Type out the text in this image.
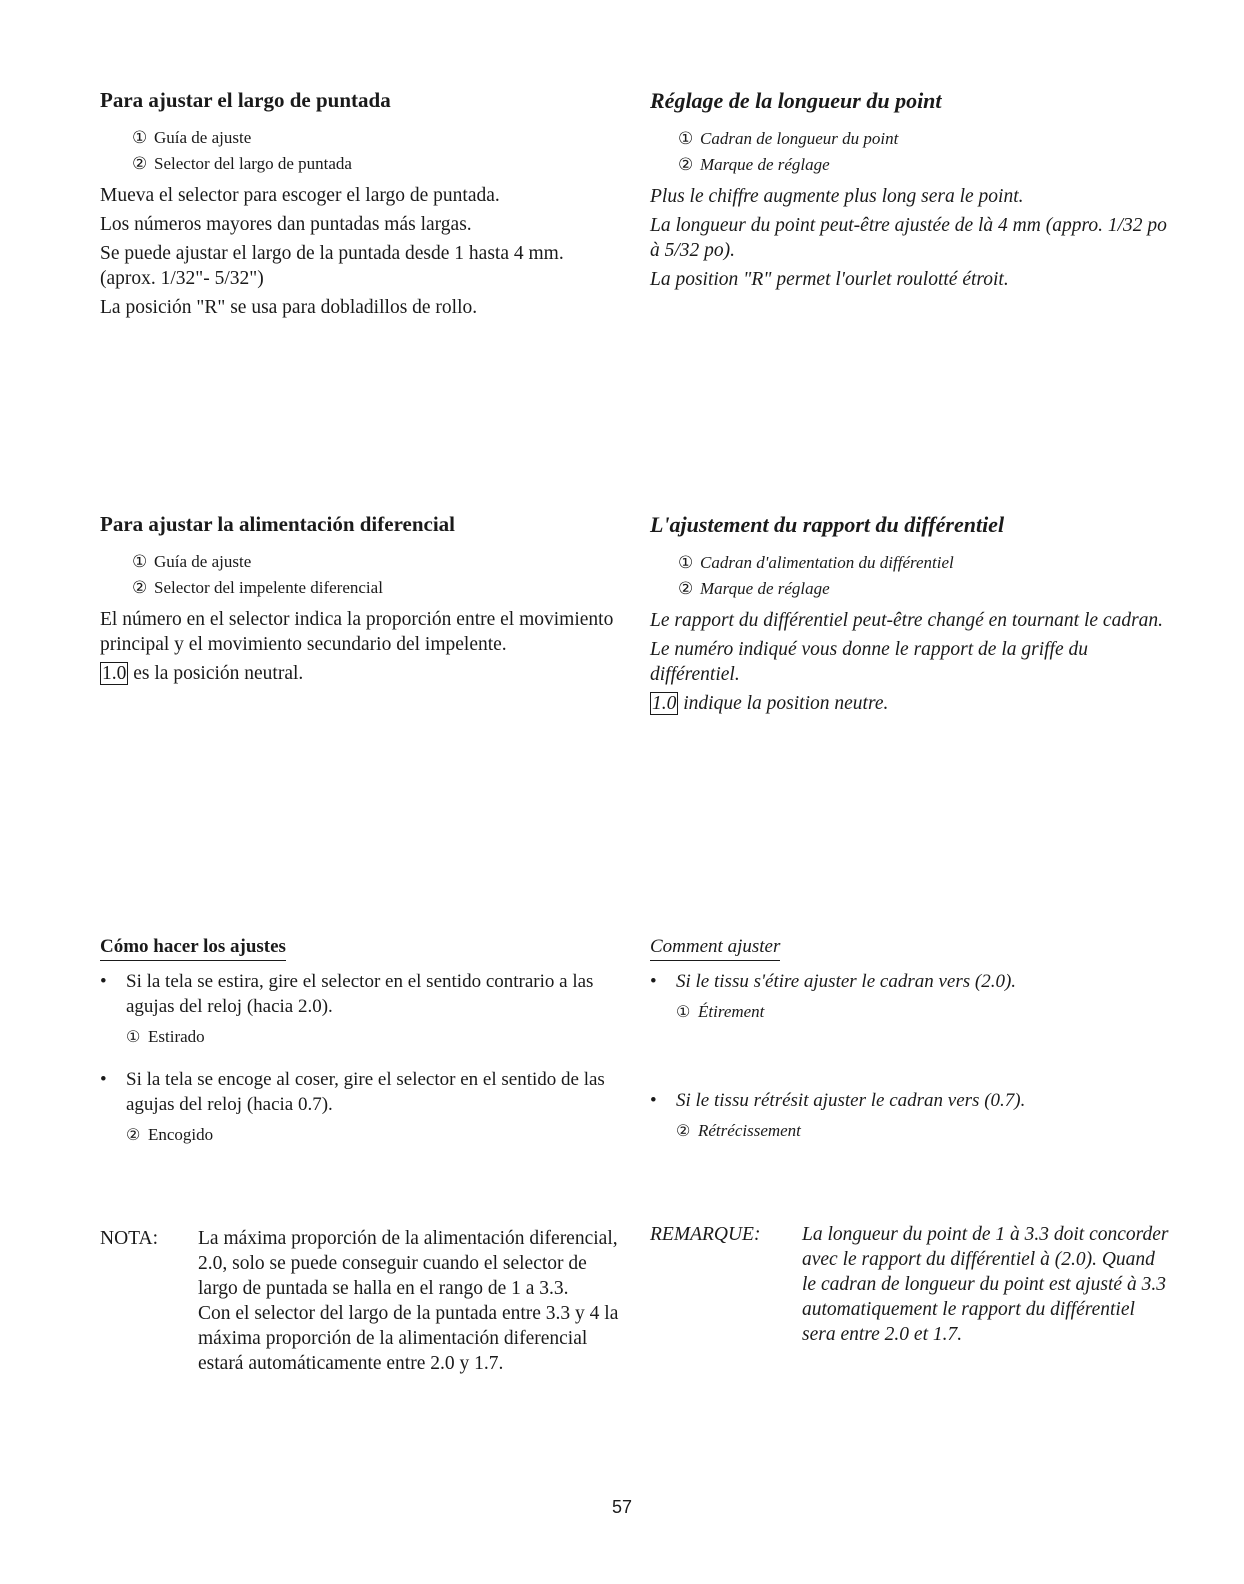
Para ajustar el largo de puntada
① Guía de ajuste
② Selector del largo de puntada

Mueva el selector para escoger el largo de puntada.

Los números mayores dan puntadas más largas.

Se puede ajustar el largo de la puntada desde 1 hasta 4 mm. (aprox. 1/32"- 5/32")

La posición "R" se usa para dobladillos de rollo.

Réglage de la longueur du point
① Cadran de longueur du point
② Marque de réglage

Plus le chiffre augmente plus long sera le point.

La longueur du point peut-être ajustée de là 4 mm (appro. 1/32 po à 5/32 po).

La position "R" permet l'ourlet roulotté étroit.

Para ajustar la alimentación diferencial
① Guía de ajuste
② Selector del impelente diferencial

El número en el selector indica la proporción entre el movimiento principal y el movimiento secundario del impelente.

1.0 es la posición neutral.

L'ajustement du rapport du différentiel
① Cadran d'alimentation du différentiel
② Marque de réglage

Le rapport du différentiel peut-être changé en tournant le cadran.

Le numéro indiqué vous donne le rapport de la griffe du différentiel.

1.0 indique la position neutre.

Cómo hacer los ajustes
• Si la tela se estira, gire el selector en el sentido contrario a las agujas del reloj (hacia 2.0).
① Estirado
• Si la tela se encoge al coser, gire el selector en el sentido de las agujas del reloj (hacia 0.7).
② Encogido
Comment ajuster
• Si le tissu s'étire ajuster le cadran vers (2.0).
① Étirement
• Si le tissu rétrésit ajuster le cadran vers (0.7).
② Rétrécissement
NOTA:	La máxima proporción de la alimentación diferencial, 2.0, solo se puede conseguir cuando el selector de largo de puntada se halla en el rango de 1 a 3.3.

Con el selector del largo de la puntada entre 3.3 y 4 la máxima proporción de la alimentación diferencial estará automáticamente entre 2.0 y 1.7.

REMARQUE:	La longueur du point de 1 à 3.3 doit concorder avec le rapport du différentiel à (2.0). Quand le cadran de longueur du point est ajusté à 3.3 automatiquement le rapport du différentiel sera entre 2.0 et 1.7.

57
